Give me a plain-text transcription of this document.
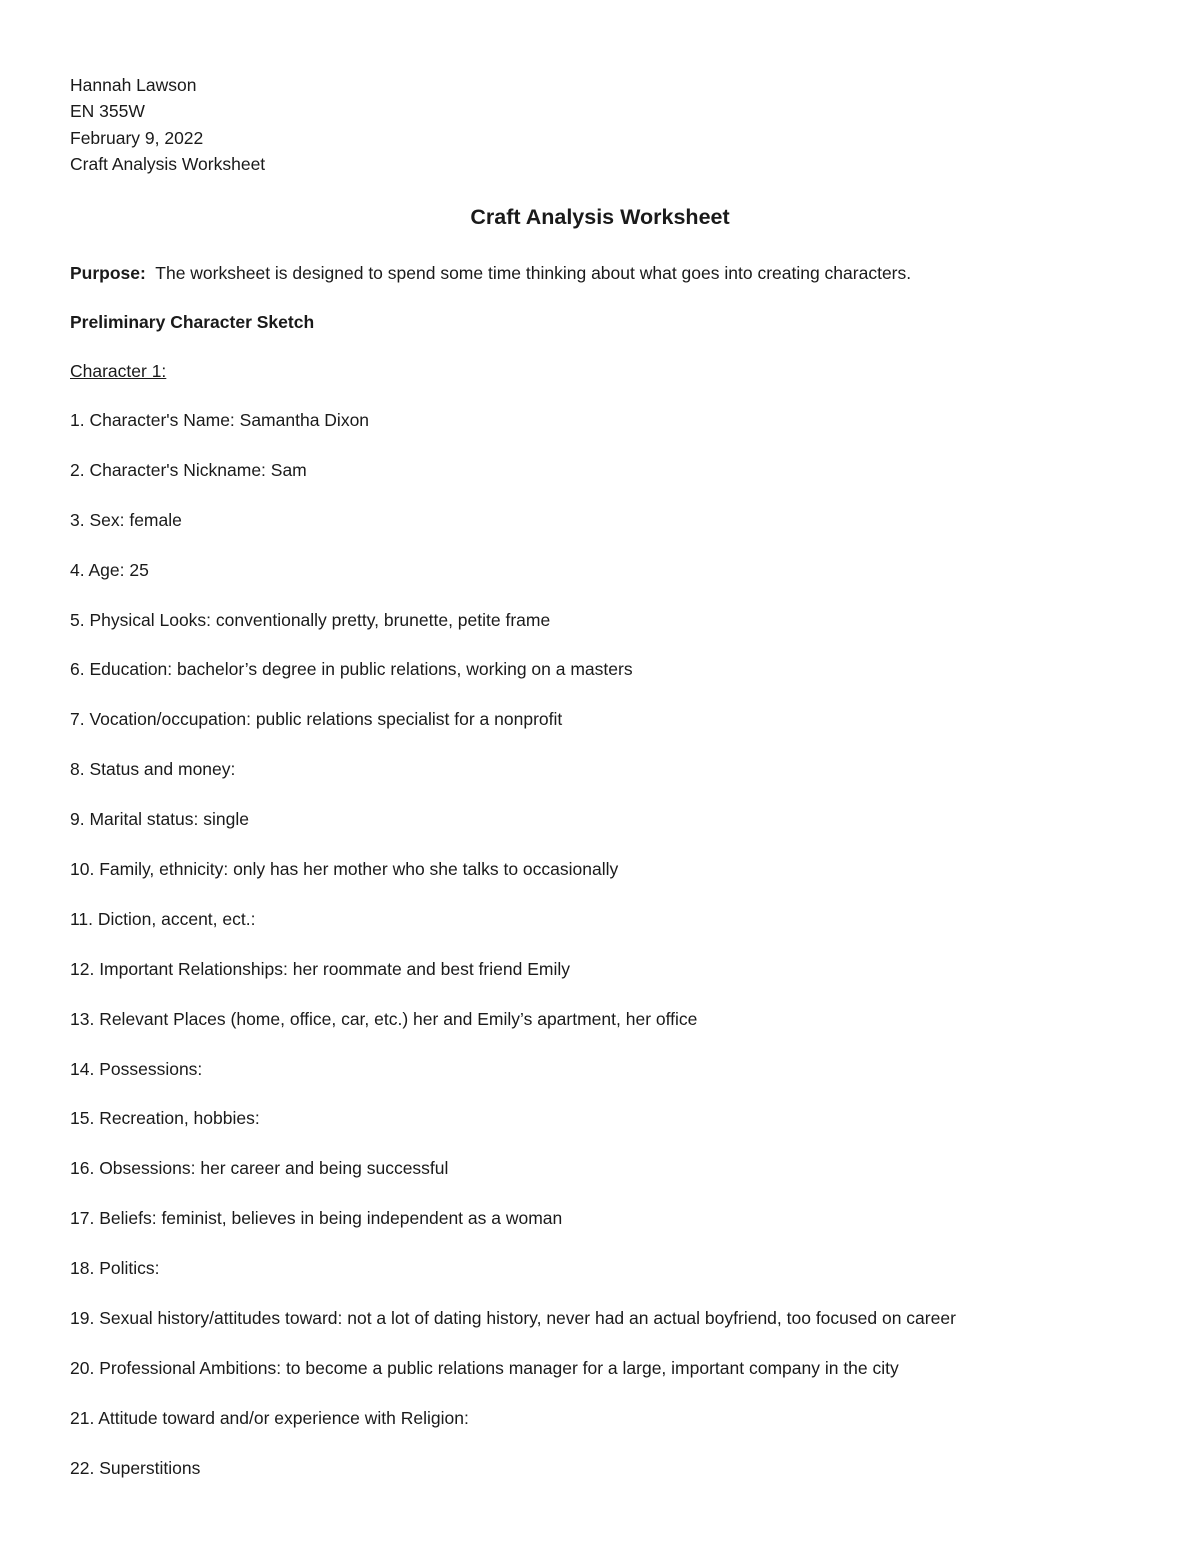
Hannah Lawson
EN 355W
February 9, 2022
Craft Analysis Worksheet
Craft Analysis Worksheet
Purpose: The worksheet is designed to spend some time thinking about what goes into creating characters.
Preliminary Character Sketch
Character 1:
1. Character's Name: Samantha Dixon
2. Character's Nickname: Sam
3. Sex: female
4. Age: 25
5. Physical Looks: conventionally pretty, brunette, petite frame
6. Education: bachelor’s degree in public relations, working on a masters
7. Vocation/occupation: public relations specialist for a nonprofit
8. Status and money:
9. Marital status: single
10. Family, ethnicity: only has her mother who she talks to occasionally
11. Diction, accent, ect.:
12. Important Relationships: her roommate and best friend Emily
13. Relevant Places (home, office, car, etc.) her and Emily’s apartment, her office
14. Possessions:
15. Recreation, hobbies:
16. Obsessions: her career and being successful
17. Beliefs: feminist, believes in being independent as a woman
18. Politics:
19. Sexual history/attitudes toward: not a lot of dating history, never had an actual boyfriend, too focused on career
20. Professional Ambitions: to become a public relations manager for a large, important company in the city
21. Attitude toward and/or experience with Religion:
22. Superstitions
